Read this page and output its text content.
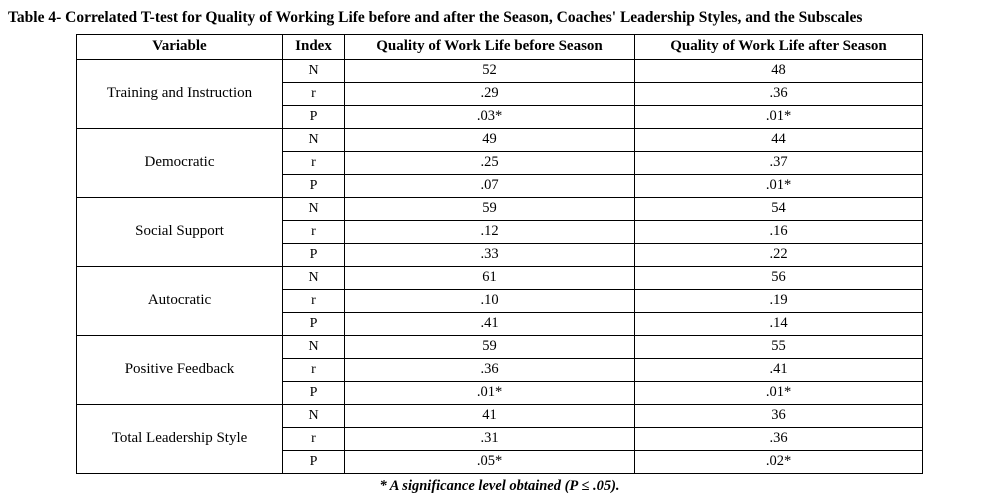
Table 4- Correlated T-test for Quality of Working Life before and after the Season, Coaches' Leadership Styles, and the Subscales
Variable	Index	Quality of Work Life before Season	Quality of Work Life after Season
Training and Instruction	N	52	48
	r	.29	.36
	P	.03*	.01*
Democratic	N	49	44
	r	.25	.37
	P	.07	.01*
Social Support	N	59	54
	r	.12	.16
	P	.33	.22
Autocratic	N	61	56
	r	.10	.19
	P	.41	.14
Positive Feedback	N	59	55
	r	.36	.41
	P	.01*	.01*
Total Leadership Style	N	41	36
	r	.31	.36
	P	.05*	.02*
* A significance level obtained (P ≤ .05).
